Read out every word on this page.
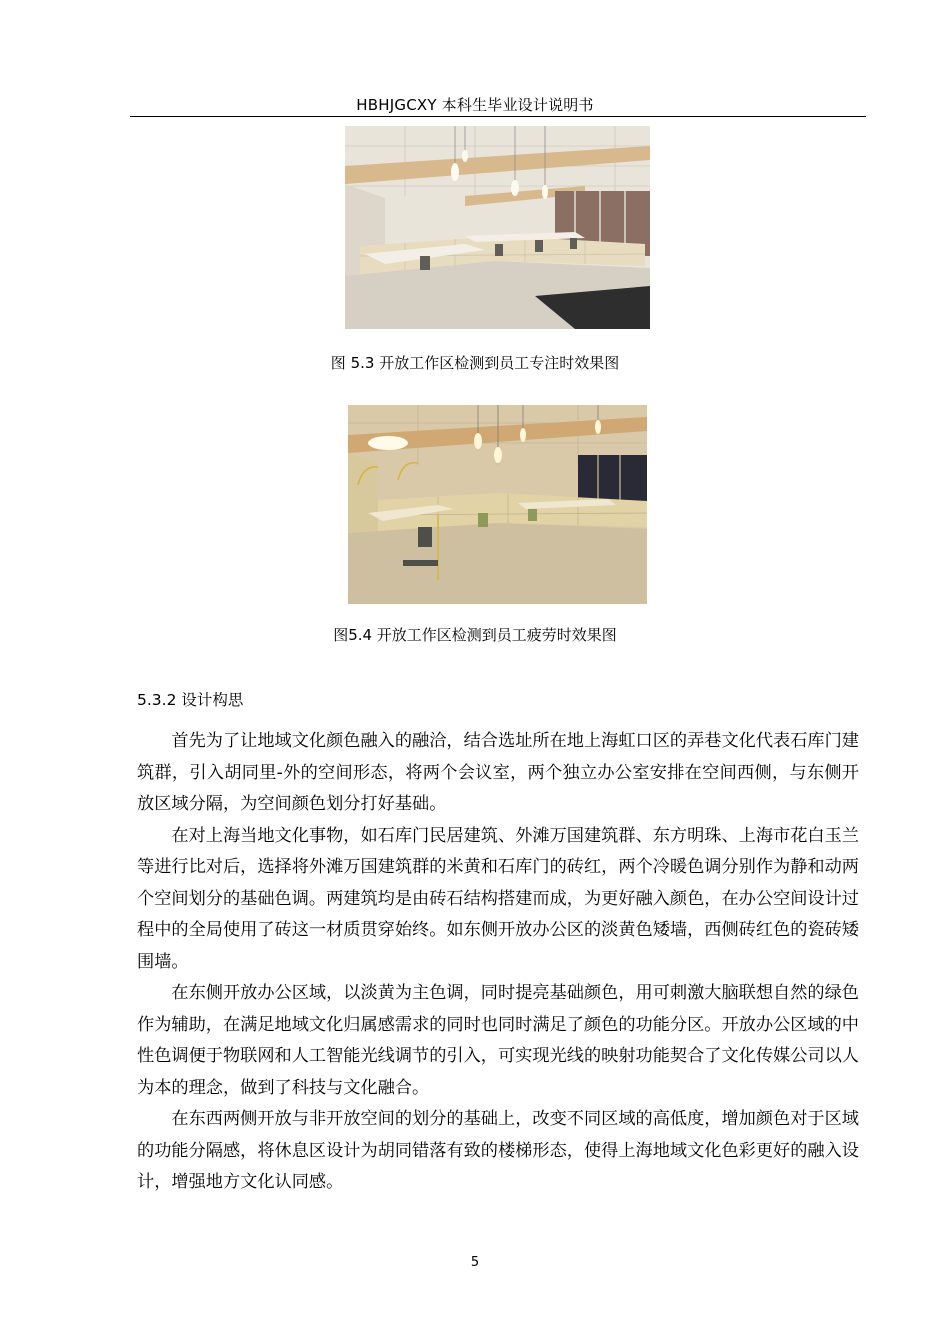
HBHJGCXY 本科生毕业设计说明书
图 5.3 开放工作区检测到员工专注时效果图
图5.4 开放工作区检测到员工疲劳时效果图
5.3.2 设计构思

首先为了让地域文化颜色融入的融洽，结合选址所在地上海虹口区的弄巷文化代表石库门建筑群，引入胡同里-外的空间形态，将两个会议室，两个独立办公室安排在空间西侧，与东侧开放区域分隔，为空间颜色划分打好基础。

在对上海当地文化事物，如石库门民居建筑、外滩万国建筑群、东方明珠、上海市花白玉兰等进行比对后，选择将外滩万国建筑群的米黄和石库门的砖红，两个冷暖色调分别作为静和动两个空间划分的基础色调。两建筑均是由砖石结构搭建而成，为更好融入颜色，在办公空间设计过程中的全局使用了砖这一材质贯穿始终。如东侧开放办公区的淡黄色矮墙，西侧砖红色的瓷砖矮围墙。

在东侧开放办公区域，以淡黄为主色调，同时提亮基础颜色，用可刺激大脑联想自然的绿色作为辅助，在满足地域文化归属感需求的同时也同时满足了颜色的功能分区。开放办公区域的中性色调便于物联网和人工智能光线调节的引入，可实现光线的映射功能契合了文化传媒公司以人为本的理念，做到了科技与文化融合。

在东西两侧开放与非开放空间的划分的基础上，改变不同区域的高低度，增加颜色对于区域的功能分隔感，将休息区设计为胡同错落有致的楼梯形态，使得上海地域文化色彩更好的融入设计，增强地方文化认同感。

5
